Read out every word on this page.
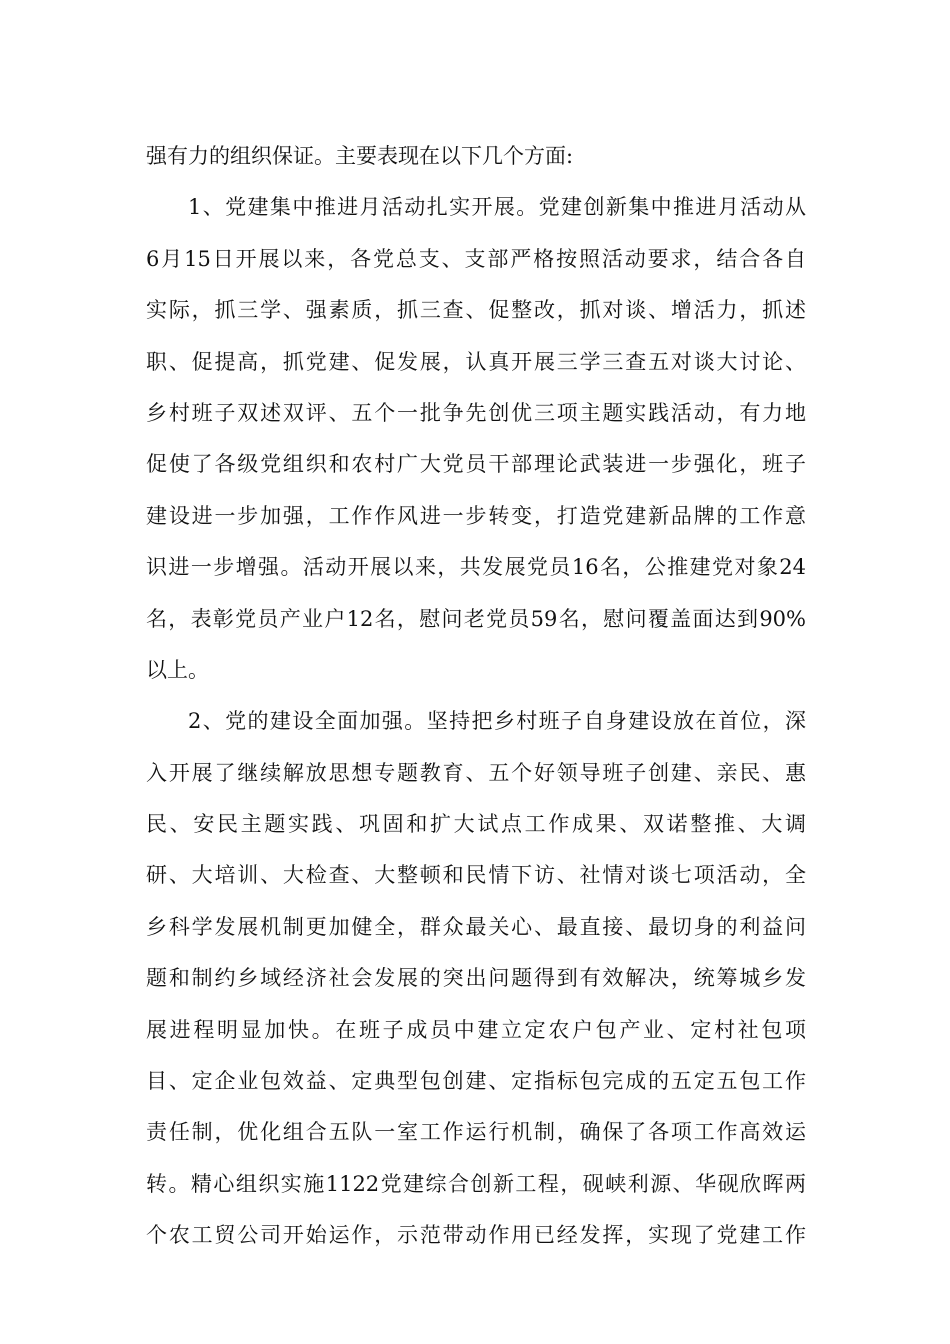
强有力的组织保证。主要表现在以下几个方面:
1、党建集中推进月活动扎实开展。党建创新集中推进月活动从
6月15日开展以来，各党总支、支部严格按照活动要求，结合各自
实际，抓三学、强素质，抓三查、促整改，抓对谈、增活力，抓述
职、促提高，抓党建、促发展，认真开展三学三查五对谈大讨论、
乡村班子双述双评、五个一批争先创优三项主题实践活动，有力地
促使了各级党组织和农村广大党员干部理论武装进一步强化，班子
建设进一步加强，工作作风进一步转变，打造党建新品牌的工作意
识进一步增强。活动开展以来，共发展党员16名，公推建党对象24
名，表彰党员产业户12名，慰问老党员59名，慰问覆盖面达到90%
以上。
2、党的建设全面加强。坚持把乡村班子自身建设放在首位，深
入开展了继续解放思想专题教育、五个好领导班子创建、亲民、惠
民、安民主题实践、巩固和扩大试点工作成果、双诺整推、大调
研、大培训、大检查、大整顿和民情下访、社情对谈七项活动，全
乡科学发展机制更加健全，群众最关心、最直接、最切身的利益问
题和制约乡域经济社会发展的突出问题得到有效解决，统筹城乡发
展进程明显加快。在班子成员中建立定农户包产业、定村社包项
目、定企业包效益、定典型包创建、定指标包完成的五定五包工作
责任制，优化组合五队一室工作运行机制，确保了各项工作高效运
转。精心组织实施1122党建综合创新工程，砚峡利源、华砚欣晖两
个农工贸公司开始运作，示范带动作用已经发挥，实现了党建工作
